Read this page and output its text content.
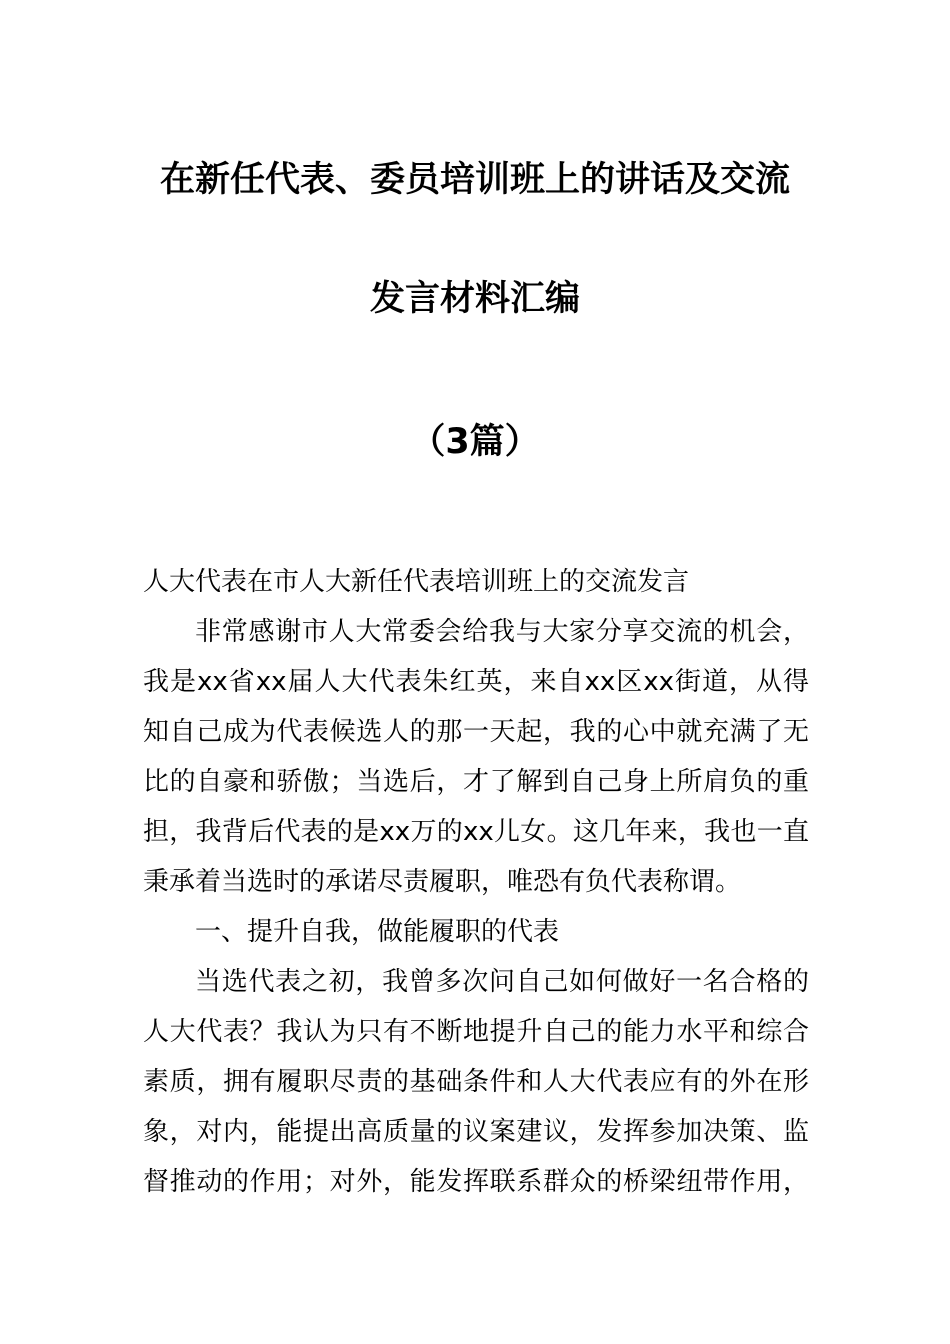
在新任代表、委员培训班上的讲话及交流
发言材料汇编
（3篇）
人大代表在市人大新任代表培训班上的交流发言
非常感谢市人大常委会给我与大家分享交流的机会，
我是xx省xx届人大代表朱红英，来自xx区xx街道，从得
知自己成为代表候选人的那一天起，我的心中就充满了无
比的自豪和骄傲；当选后，才了解到自己身上所肩负的重
担，我背后代表的是xx万的xx儿女。这几年来，我也一直
秉承着当选时的承诺尽责履职，唯恐有负代表称谓。
一、提升自我，做能履职的代表
当选代表之初，我曾多次问自己如何做好一名合格的
人大代表？我认为只有不断地提升自己的能力水平和综合
素质，拥有履职尽责的基础条件和人大代表应有的外在形
象，对内，能提出高质量的议案建议，发挥参加决策、监
督推动的作用；对外，能发挥联系群众的桥梁纽带作用，
